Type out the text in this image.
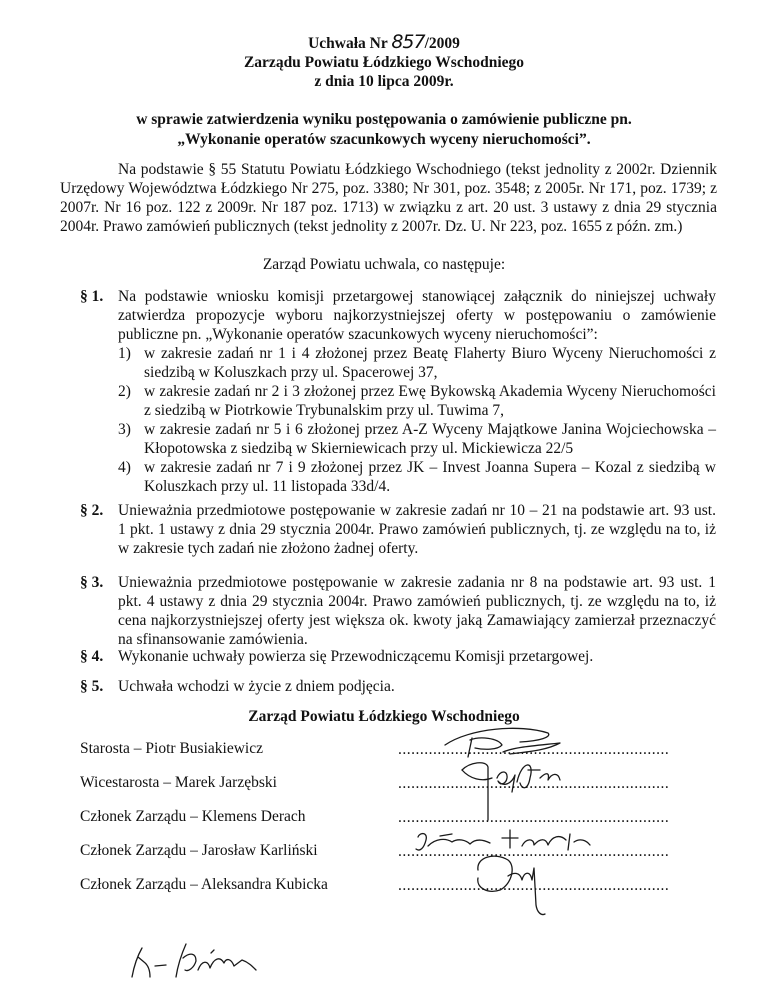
Uchwała Nr 857/2009
Zarządu Powiatu Łódzkiego Wschodniego
z dnia 10 lipca 2009r.
w sprawie zatwierdzenia wyniku postępowania o zamówienie publiczne pn.
„Wykonanie operatów szacunkowych wyceny nieruchomości”.

Na podstawie § 55 Statutu Powiatu Łódzkiego Wschodniego (tekst jednolity z 2002r. Dziennik Urzędowy Województwa Łódzkiego Nr 275, poz. 3380; Nr 301, poz. 3548; z 2005r. Nr 171, poz. 1739; z 2007r. Nr 16 poz. 122 z 2009r. Nr 187 poz. 1713) w związku z art. 20 ust. 3 ustawy z dnia 29 stycznia 2004r. Prawo zamówień publicznych (tekst jednolity z 2007r. Dz. U. Nr 223, poz. 1655 z późn. zm.)

Zarząd Powiatu uchwala, co następuje:
§ 1. Na podstawie wniosku komisji przetargowej stanowiącej załącznik do niniejszej uchwały zatwierdza propozycje wyboru najkorzystniejszej oferty w postępowaniu o zamówienie publiczne pn. „Wykonanie operatów szacunkowych wyceny nieruchomości”:
1) w zakresie zadań nr 1 i 4 złożonej przez Beatę Flaherty Biuro Wyceny Nieruchomości z siedzibą w Koluszkach przy ul. Spacerowej 37,
2) w zakresie zadań nr 2 i 3 złożonej przez Ewę Bykowską Akademia Wyceny Nieruchomości z siedzibą w Piotrkowie Trybunalskim przy ul. Tuwima 7,
3) w zakresie zadań nr 5 i 6 złożonej przez A-Z Wyceny Majątkowe Janina Wojciechowska – Kłopotowska z siedzibą w Skierniewicach przy ul. Mickiewicza 22/5
4) w zakresie zadań nr 7 i 9 złożonej przez JK – Invest Joanna Supera – Kozal z siedzibą w Koluszkach przy ul. 11 listopada 33d/4.
§ 2. Unieważnia przedmiotowe postępowanie w zakresie zadań nr 10 – 21 na podstawie art. 93 ust. 1 pkt. 1 ustawy z dnia 29 stycznia 2004r. Prawo zamówień publicznych, tj. ze względu na to, iż w zakresie tych zadań nie złożono żadnej oferty.
§ 3. Unieważnia przedmiotowe postępowanie w zakresie zadania nr 8 na podstawie art. 93 ust. 1 pkt. 4 ustawy z dnia 29 stycznia 2004r. Prawo zamówień publicznych, tj. ze względu na to, iż cena najkorzystniejszej oferty jest większa ok. kwoty jaką Zamawiający zamierzał przeznaczyć na sfinansowanie zamówienia.
§ 4. Wykonanie uchwały powierza się Przewodniczącemu Komisji przetargowej.
§ 5. Uchwała wchodzi w życie z dniem podjęcia.
Zarząd Powiatu Łódzkiego Wschodniego
Starosta – Piotr Busiakiewicz
Wicestarosta – Marek Jarzębski
Członek Zarządu – Klemens Derach
Członek Zarządu – Jarosław Karliński
Członek Zarządu – Aleksandra Kubicka
..............................................................
..............................................................
..............................................................
..............................................................
..............................................................
